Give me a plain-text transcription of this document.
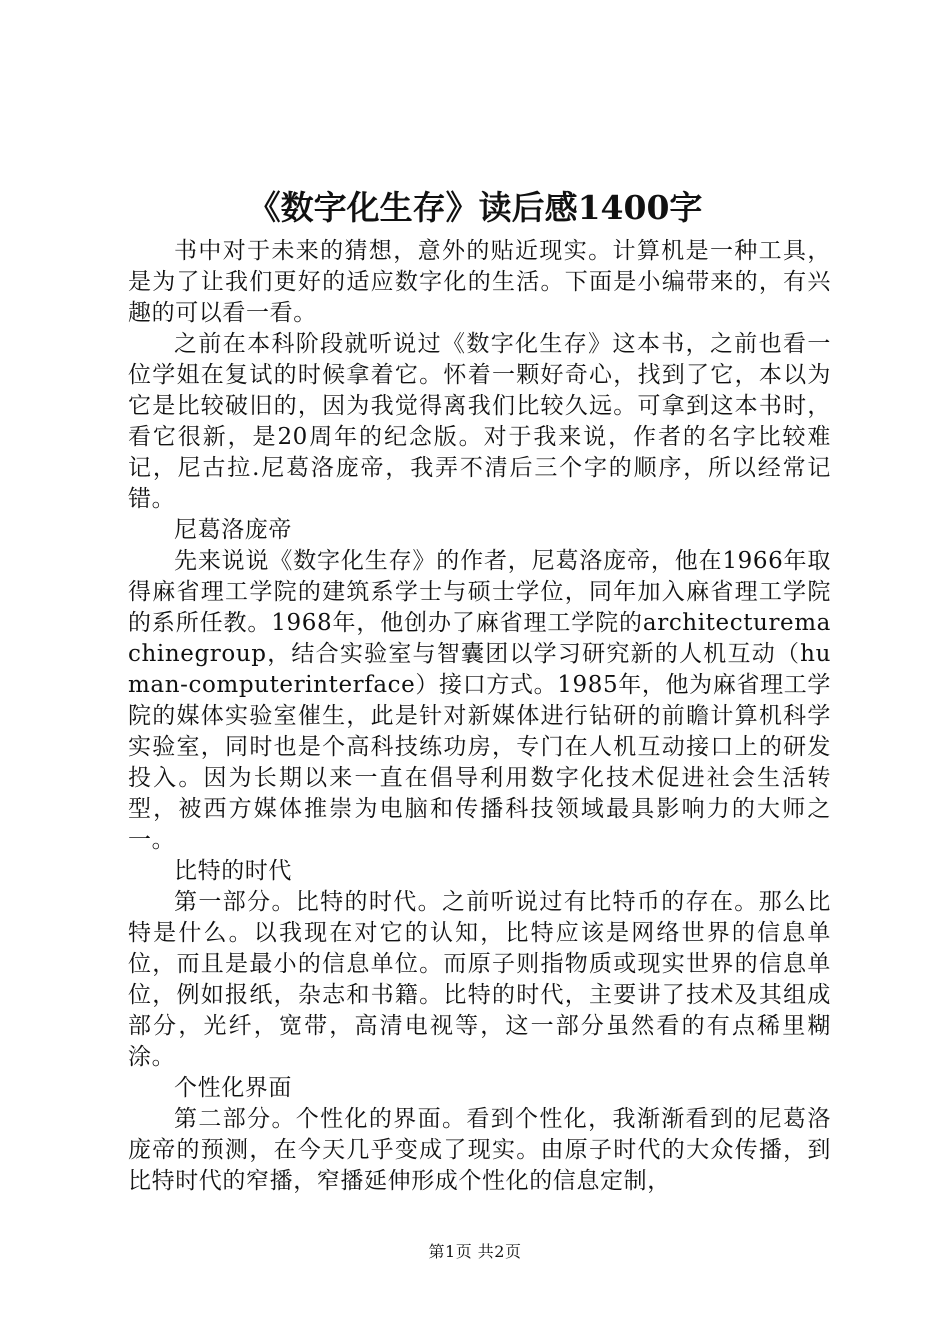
《数字化生存》读后感1400字

书中对于未来的猜想，意外的贴近现实。计算机是一种工具，是为了让我们更好的适应数字化的生活。下面是小编带来的，有兴趣的可以看一看。

之前在本科阶段就听说过《数字化生存》这本书，之前也看一位学姐在复试的时候拿着它。怀着一颗好奇心，找到了它，本以为它是比较破旧的，因为我觉得离我们比较久远。可拿到这本书时，看它很新，是20周年的纪念版。对于我来说，作者的名字比较难记，尼古拉.尼葛洛庞帝，我弄不清后三个字的顺序，所以经常记错。

尼葛洛庞帝

先来说说《数字化生存》的作者，尼葛洛庞帝，他在1966年取得麻省理工学院的建筑系学士与硕士学位，同年加入麻省理工学院的系所任教。1968年，他创办了麻省理工学院的architecturemachinegroup，结合实验室与智囊团以学习研究新的人机互动（human-computerinterface）接口方式。1985年，他为麻省理工学院的媒体实验室催生，此是针对新媒体进行钻研的前瞻计算机科学实验室，同时也是个高科技练功房，专门在人机互动接口上的研发投入。因为长期以来一直在倡导利用数字化技术促进社会生活转型，被西方媒体推崇为电脑和传播科技领域最具影响力的大师之一。

比特的时代

第一部分。比特的时代。之前听说过有比特币的存在。那么比特是什么。以我现在对它的认知，比特应该是网络世界的信息单位，而且是最小的信息单位。而原子则指物质或现实世界的信息单位，例如报纸，杂志和书籍。比特的时代，主要讲了技术及其组成部分，光纤，宽带，高清电视等，这一部分虽然看的有点稀里糊涂。

个性化界面

第二部分。个性化的界面。看到个性化，我渐渐看到的尼葛洛庞帝的预测，在今天几乎变成了现实。由原子时代的大众传播，到比特时代的窄播，窄播延伸形成个性化的信息定制，

第1页 共2页
